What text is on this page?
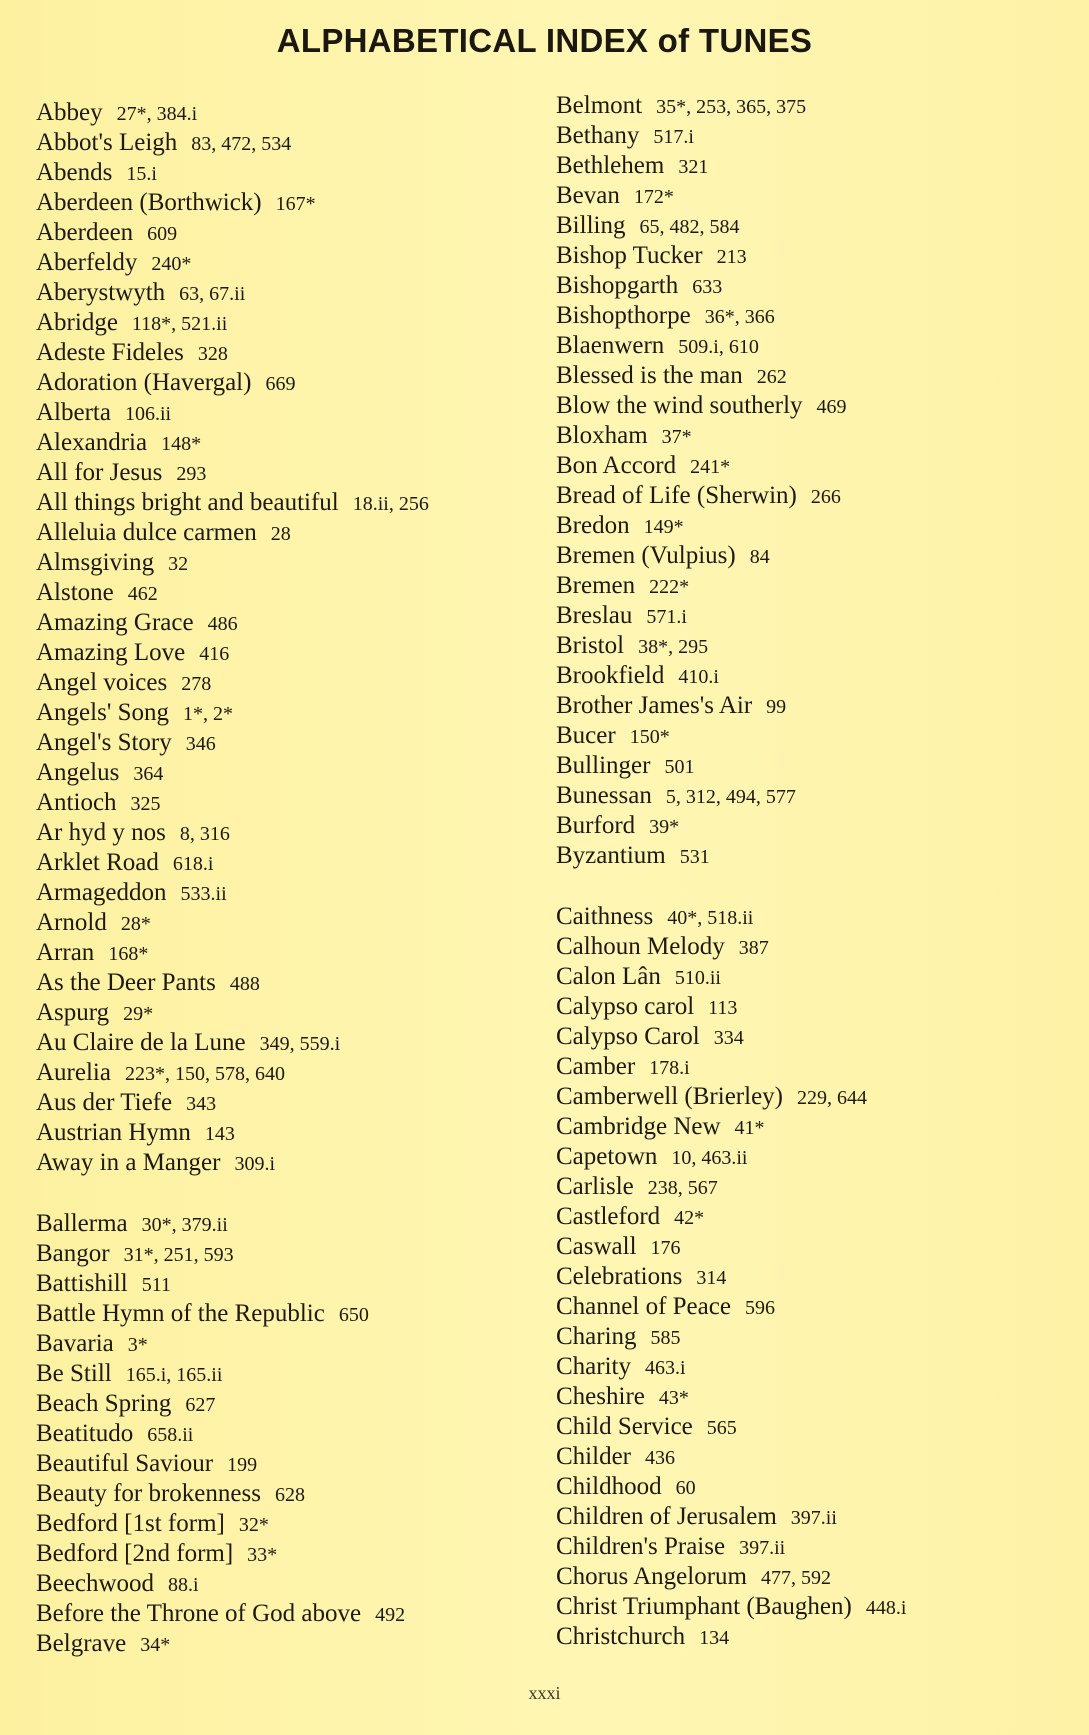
ALPHABETICAL INDEX of TUNES
Abbey 27*, 384.i
Abbot's Leigh 83, 472, 534
Abends 15.i
Aberdeen (Borthwick) 167*
Aberdeen 609
Aberfeldy 240*
Aberystwyth 63, 67.ii
Abridge 118*, 521.ii
Adeste Fideles 328
Adoration (Havergal) 669
Alberta 106.ii
Alexandria 148*
All for Jesus 293
All things bright and beautiful 18.ii, 256
Alleluia dulce carmen 28
Almsgiving 32
Alstone 462
Amazing Grace 486
Amazing Love 416
Angel voices 278
Angels' Song 1*, 2*
Angel's Story 346
Angelus 364
Antioch 325
Ar hyd y nos 8, 316
Arklet Road 618.i
Armageddon 533.ii
Arnold 28*
Arran 168*
As the Deer Pants 488
Aspurg 29*
Au Claire de la Lune 349, 559.i
Aurelia 223*, 150, 578, 640
Aus der Tiefe 343
Austrian Hymn 143
Away in a Manger 309.i
Ballerma 30*, 379.ii
Bangor 31*, 251, 593
Battishill 511
Battle Hymn of the Republic 650
Bavaria 3*
Be Still 165.i, 165.ii
Beach Spring 627
Beatitudo 658.ii
Beautiful Saviour 199
Beauty for brokenness 628
Bedford [1st form] 32*
Bedford [2nd form] 33*
Beechwood 88.i
Before the Throne of God above 492
Belgrave 34*
Belmont 35*, 253, 365, 375
Bethany 517.i
Bethlehem 321
Bevan 172*
Billing 65, 482, 584
Bishop Tucker 213
Bishopgarth 633
Bishopthorpe 36*, 366
Blaenwern 509.i, 610
Blessed is the man 262
Blow the wind southerly 469
Bloxham 37*
Bon Accord 241*
Bread of Life (Sherwin) 266
Bredon 149*
Bremen (Vulpius) 84
Bremen 222*
Breslau 571.i
Bristol 38*, 295
Brookfield 410.i
Brother James's Air 99
Bucer 150*
Bullinger 501
Bunessan 5, 312, 494, 577
Burford 39*
Byzantium 531
Caithness 40*, 518.ii
Calhoun Melody 387
Calon Lân 510.ii
Calypso carol 113
Calypso Carol 334
Camber 178.i
Camberwell (Brierley) 229, 644
Cambridge New 41*
Capetown 10, 463.ii
Carlisle 238, 567
Castleford 42*
Caswall 176
Celebrations 314
Channel of Peace 596
Charing 585
Charity 463.i
Cheshire 43*
Child Service 565
Childer 436
Childhood 60
Children of Jerusalem 397.ii
Children's Praise 397.ii
Chorus Angelorum 477, 592
Christ Triumphant (Baughen) 448.i
Christchurch 134
xxxi
